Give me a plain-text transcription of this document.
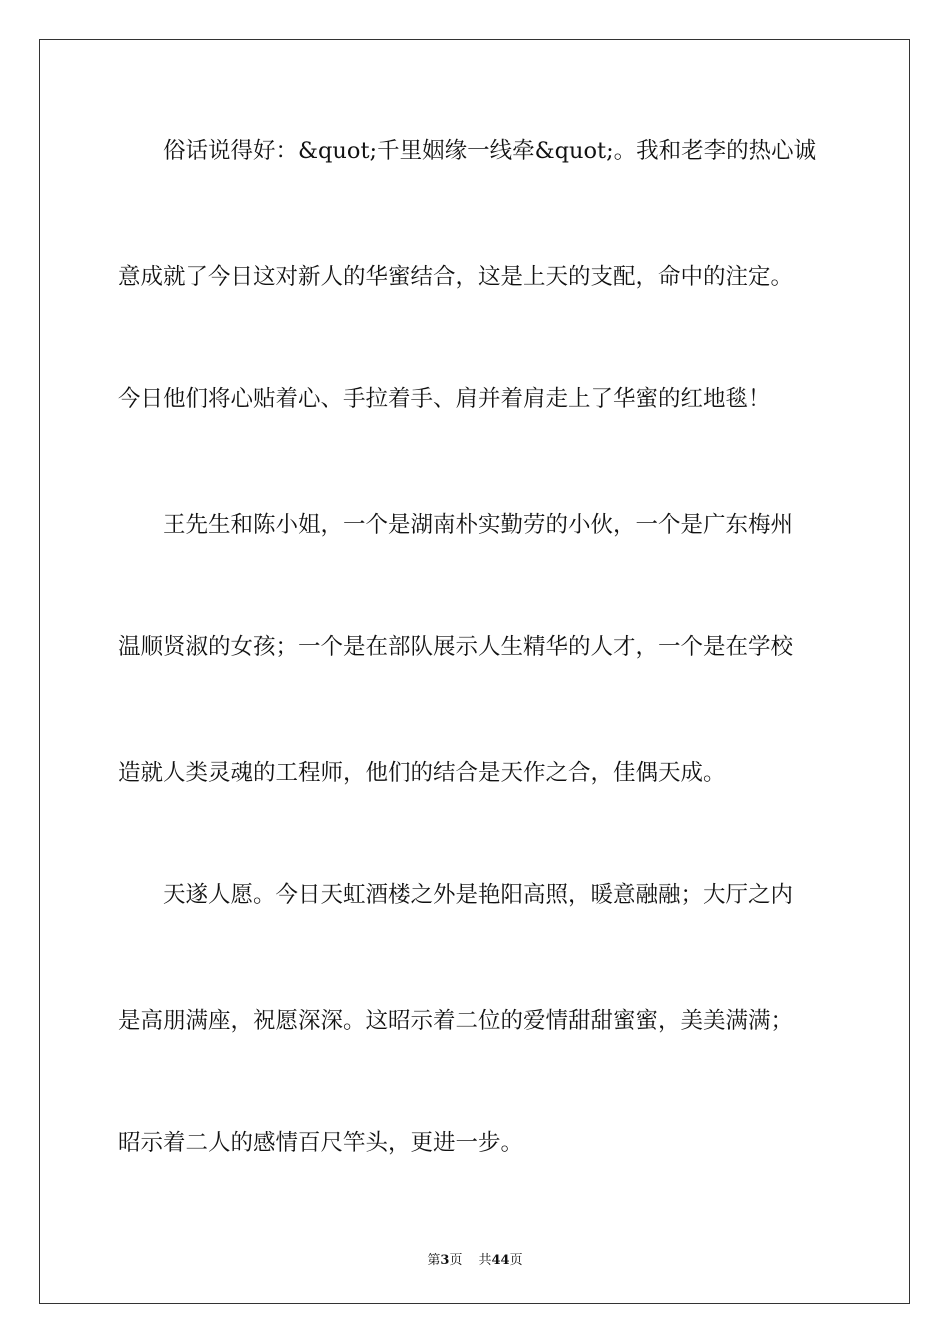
俗话说得好：&quot;千里姻缘一线牵&quot;。我和老李的热心诚
意成就了今日这对新人的华蜜结合，这是上天的支配，命中的注定。
今日他们将心贴着心、手拉着手、肩并着肩走上了华蜜的红地毯！
王先生和陈小姐，一个是湖南朴实勤劳的小伙，一个是广东梅州
温顺贤淑的女孩；一个是在部队展示人生精华的人才，一个是在学校
造就人类灵魂的工程师，他们的结合是天作之合，佳偶天成。
天遂人愿。今日天虹酒楼之外是艳阳高照，暖意融融；大厅之内
是高朋满座，祝愿深深。这昭示着二位的爱情甜甜蜜蜜，美美满满；
昭示着二人的感情百尺竿头，更进一步。
第3页 共44页
